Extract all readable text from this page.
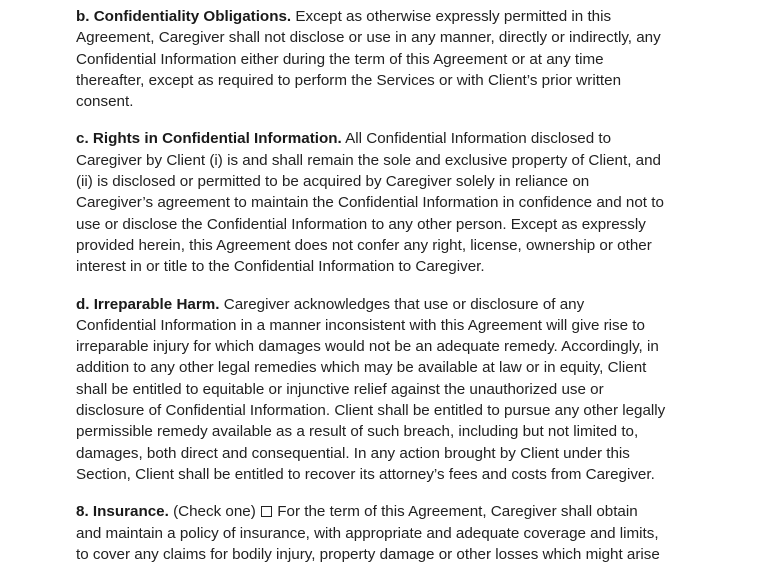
b. Confidentiality Obligations. Except as otherwise expressly permitted in this
Agreement, Caregiver shall not disclose or use in any manner, directly or indirectly, any
Confidential Information either during the term of this Agreement or at any time
thereafter, except as required to perform the Services or with Client’s prior written
consent.

c. Rights in Confidential Information. All Confidential Information disclosed to
Caregiver by Client (i) is and shall remain the sole and exclusive property of Client, and
(ii) is disclosed or permitted to be acquired by Caregiver solely in reliance on
Caregiver’s agreement to maintain the Confidential Information in confidence and not to
use or disclose the Confidential Information to any other person. Except as expressly
provided herein, this Agreement does not confer any right, license, ownership or other
interest in or title to the Confidential Information to Caregiver.

d. Irreparable Harm. Caregiver acknowledges that use or disclosure of any
Confidential Information in a manner inconsistent with this Agreement will give rise to
irreparable injury for which damages would not be an adequate remedy. Accordingly, in
addition to any other legal remedies which may be available at law or in equity, Client
shall be entitled to equitable or injunctive relief against the unauthorized use or
disclosure of Confidential Information. Client shall be entitled to pursue any other legally
permissible remedy available as a result of such breach, including but not limited to,
damages, both direct and consequential. In any action brought by Client under this
Section, Client shall be entitled to recover its attorney’s fees and costs from Caregiver.

8. Insurance. (Check one)  For the term of this Agreement, Caregiver shall obtain
and maintain a policy of insurance, with appropriate and adequate coverage and limits,
to cover any claims for bodily injury, property damage or other losses which might arise
